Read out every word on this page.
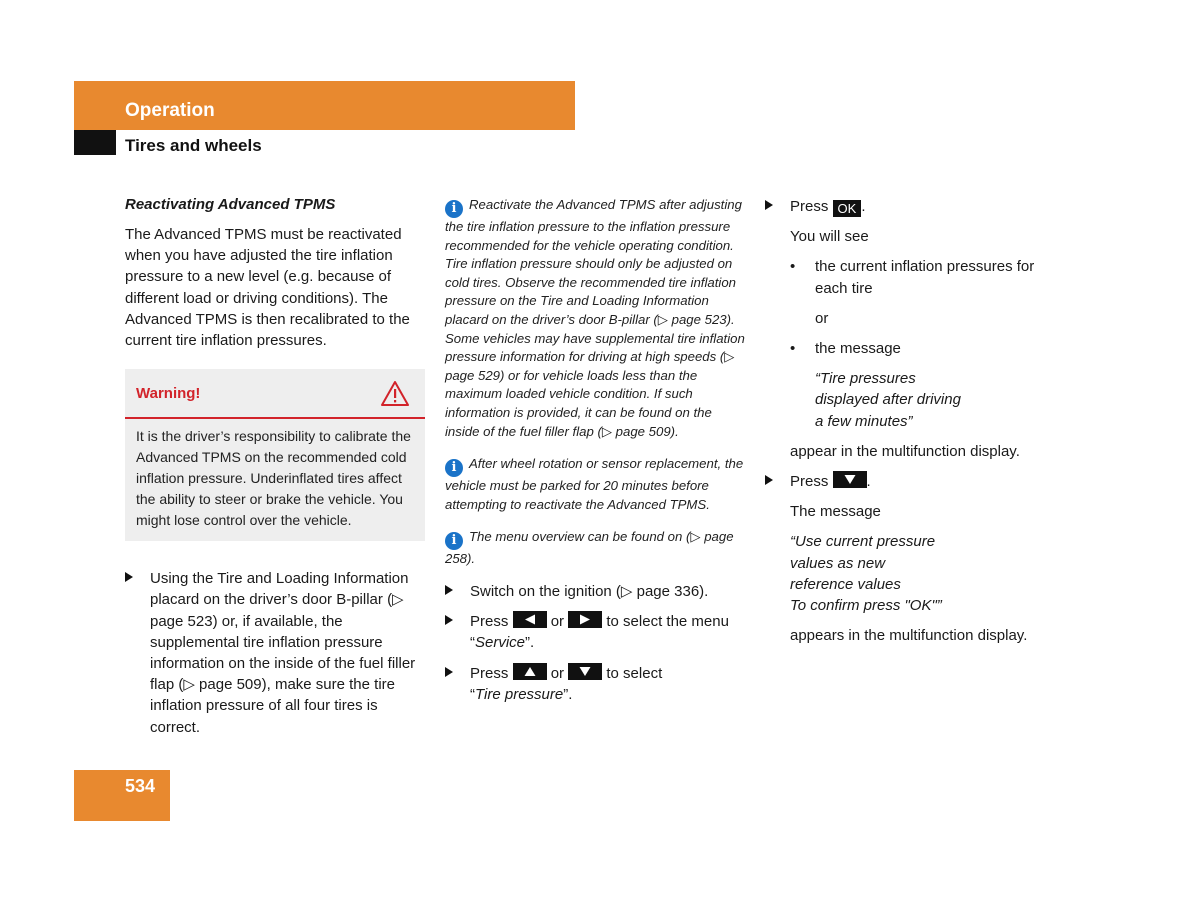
Operation
Tires and wheels

Reactivating Advanced TPMS

The Advanced TPMS must be reactivated when you have adjusted the tire inflation pressure to a new level (e.g. because of different load or driving conditions). The Advanced TPMS is then recalibrated to the current tire inflation pressures.

Warning!
It is the driver’s responsibility to calibrate the Advanced TPMS on the recommended cold inflation pressure. Underinflated tires affect the ability to steer or brake the vehicle. You might lose control over the vehicle.
Using the Tire and Loading Information placard on the driver’s door B-pillar (▷ page 523) or, if available, the supplemental tire inflation pressure information on the inside of the fuel filler flap (▷ page 509), make sure the tire inflation pressure of all four tires is correct.

i Reactivate the Advanced TPMS after adjusting the tire inflation pressure to the inflation pressure recommended for the vehicle operating condition. Tire inflation pressure should only be adjusted on cold tires. Observe the recommended tire inflation pressure on the Tire and Loading Information placard on the driver’s door B-pillar (▷ page 523). Some vehicles may have supplemental tire inflation pressure information for driving at high speeds (▷ page 529) or for vehicle loads less than the maximum loaded vehicle condition. If such information is provided, it can be found on the inside of the fuel filler flap (▷ page 509).

i After wheel rotation or sensor replacement, the vehicle must be parked for 20 minutes before attempting to reactivate the Advanced TPMS.

i The menu overview can be found on (▷ page 258).

Switch on the ignition (▷ page 336).
Press	or	to select the menu
“Service”.
Press	or	to select
“Tire pressure”.
Press OK .

You will see

• the current inflation pressures for each tire

or

• the message

“Tire pressures
displayed after driving
a few minutes”

appear in the multifunction display.

Press	.

The message

“Use current pressure
values as new
reference values
To confirm press "OK"”

appears in the multifunction display.

534
